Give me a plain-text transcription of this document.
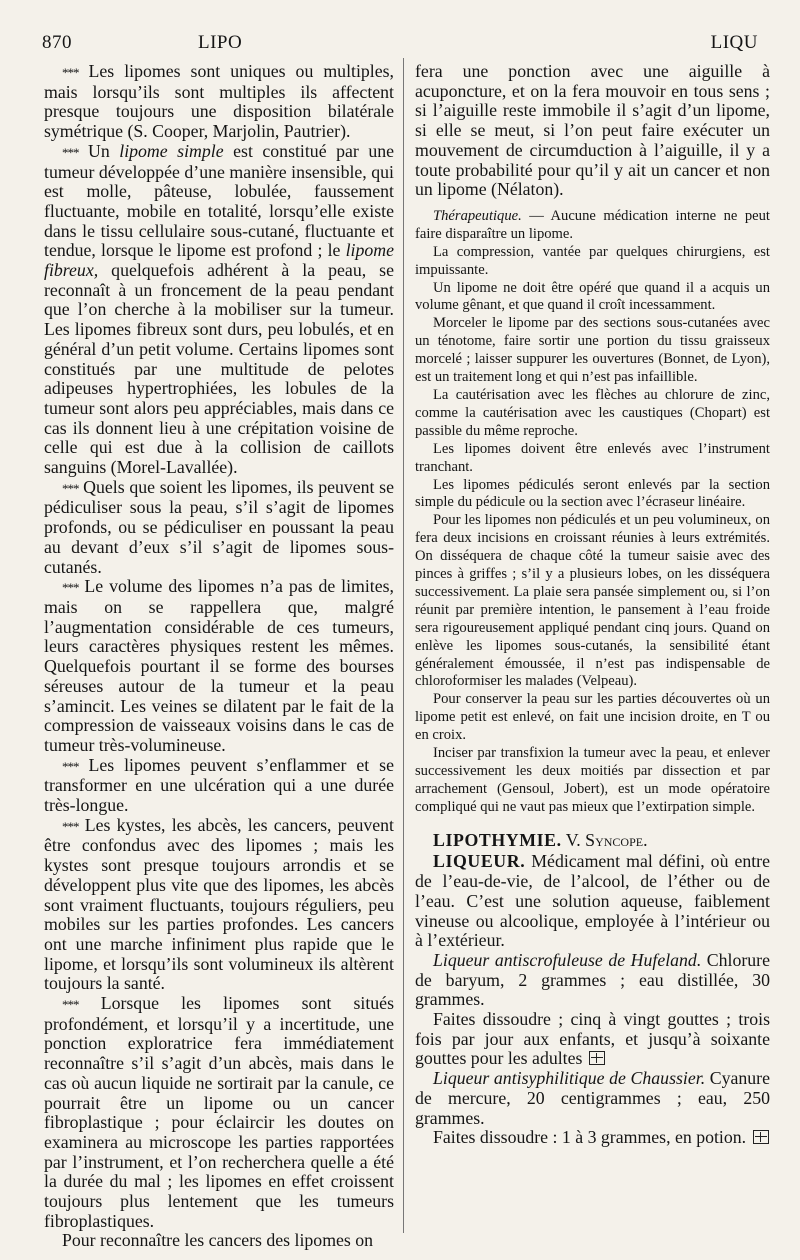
870	LIPO	LIQU

*** Les lipomes sont uniques ou multiples, mais lorsqu’ils sont multiples ils affectent presque toujours une disposition bilatérale symétrique (S. Cooper, Marjolin, Pautrier).

*** Un lipome simple est constitué par une tumeur développée d’une manière insensible, qui est molle, pâteuse, lobulée, faussement fluctuante, mobile en totalité, lorsqu’elle existe dans le tissu cellulaire sous-cutané, fluctuante et tendue, lorsque le lipome est profond ; le lipome fibreux, quelquefois adhérent à la peau, se reconnaît à un froncement de la peau pendant que l’on cherche à la mobiliser sur la tumeur. Les lipomes fibreux sont durs, peu lobulés, et en général d’un petit volume. Certains lipomes sont constitués par une multitude de pelotes adipeuses hypertrophiées, les lobules de la tumeur sont alors peu appréciables, mais dans ce cas ils donnent lieu à une crépitation voisine de celle qui est due à la collision de caillots sanguins (Morel-Lavallée).

*** Quels que soient les lipomes, ils peuvent se pédiculiser sous la peau, s’il s’agit de lipomes profonds, ou se pédiculiser en poussant la peau au devant d’eux s’il s’agit de lipomes sous-cutanés.

*** Le volume des lipomes n’a pas de limites, mais on se rappellera que, malgré l’augmentation considérable de ces tumeurs, leurs caractères physiques restent les mêmes. Quelquefois pourtant il se forme des bourses séreuses autour de la tumeur et la peau s’amincit. Les veines se dilatent par le fait de la compression de vaisseaux voisins dans le cas de tumeur très-volumineuse.

*** Les lipomes peuvent s’enflammer et se transformer en une ulcération qui a une durée très-longue.

*** Les kystes, les abcès, les cancers, peuvent être confondus avec des lipomes ; mais les kystes sont presque toujours arrondis et se développent plus vite que des lipomes, les abcès sont vraiment fluctuants, toujours réguliers, peu mobiles sur les parties profondes. Les cancers ont une marche infiniment plus rapide que le lipome, et lorsqu’ils sont volumineux ils altèrent toujours la santé.

*** Lorsque les lipomes sont situés profondément, et lorsqu’il y a incertitude, une ponction exploratrice fera immédiatement reconnaître s’il s’agit d’un abcès, mais dans le cas où aucun liquide ne sortirait par la canule, ce pourrait être un lipome ou un cancer fibroplastique ; pour éclaircir les doutes on examinera au microscope les parties rapportées par l’instrument, et l’on recherchera quelle a été la durée du mal ; les lipomes en effet croissent toujours plus lentement que les tumeurs fibroplastiques.

Pour reconnaître les cancers des lipomes on

fera une ponction avec une aiguille à acuponcture, et on la fera mouvoir en tous sens ; si l’aiguille reste immobile il s’agit d’un lipome, si elle se meut, si l’on peut faire exécuter un mouvement de circumduction à l’aiguille, il y a toute probabilité pour qu’il y ait un cancer et non un lipome (Nélaton).

Thérapeutique. — Aucune médication interne ne peut faire disparaître un lipome.

La compression, vantée par quelques chirurgiens, est impuissante.

Un lipome ne doit être opéré que quand il a acquis un volume gênant, et que quand il croît incessamment.

Morceler le lipome par des sections sous-cutanées avec un ténotome, faire sortir une portion du tissu graisseux morcelé ; laisser suppurer les ouvertures (Bonnet, de Lyon), est un traitement long et qui n’est pas infaillible.

La cautérisation avec les flèches au chlorure de zinc, comme la cautérisation avec les caustiques (Chopart) est passible du même reproche.

Les lipomes doivent être enlevés avec l’instrument tranchant.

Les lipomes pédiculés seront enlevés par la section simple du pédicule ou la section avec l’écraseur linéaire.

Pour les lipomes non pédiculés et un peu volumineux, on fera deux incisions en croissant réunies à leurs extrémités. On disséquera de chaque côté la tumeur saisie avec des pinces à griffes ; s’il y a plusieurs lobes, on les disséquera successivement. La plaie sera pansée simplement ou, si l’on réunit par première intention, le pansement à l’eau froide sera rigoureusement appliqué pendant cinq jours. Quand on enlève les lipomes sous-cutanés, la sensibilité étant généralement émoussée, il n’est pas indispensable de chloroformiser les malades (Velpeau).

Pour conserver la peau sur les parties découvertes où un lipome petit est enlevé, on fait une incision droite, en T ou en croix.

Inciser par transfixion la tumeur avec la peau, et enlever successivement les deux moitiés par dissection et par arrachement (Gensoul, Jobert), est un mode opératoire compliqué qui ne vaut pas mieux que l’extirpation simple.

LIPOTHYMIE. V. Syncope.

LIQUEUR. Médicament mal défini, où entre de l’eau-de-vie, de l’alcool, de l’éther ou de l’eau. C’est une solution aqueuse, faiblement vineuse ou alcoolique, employée à l’intérieur ou à l’extérieur.

Liqueur antiscrofuleuse de Hufeland. Chlorure de baryum, 2 grammes ; eau distillée, 30 grammes.

Faites dissoudre ; cinq à vingt gouttes ; trois fois par jour aux enfants, et jusqu’à soixante gouttes pour les adultes

Liqueur antisyphilitique de Chaussier. Cyanure de mercure, 20 centigrammes ; eau, 250 grammes.

Faites dissoudre : 1 à 3 grammes, en potion.
